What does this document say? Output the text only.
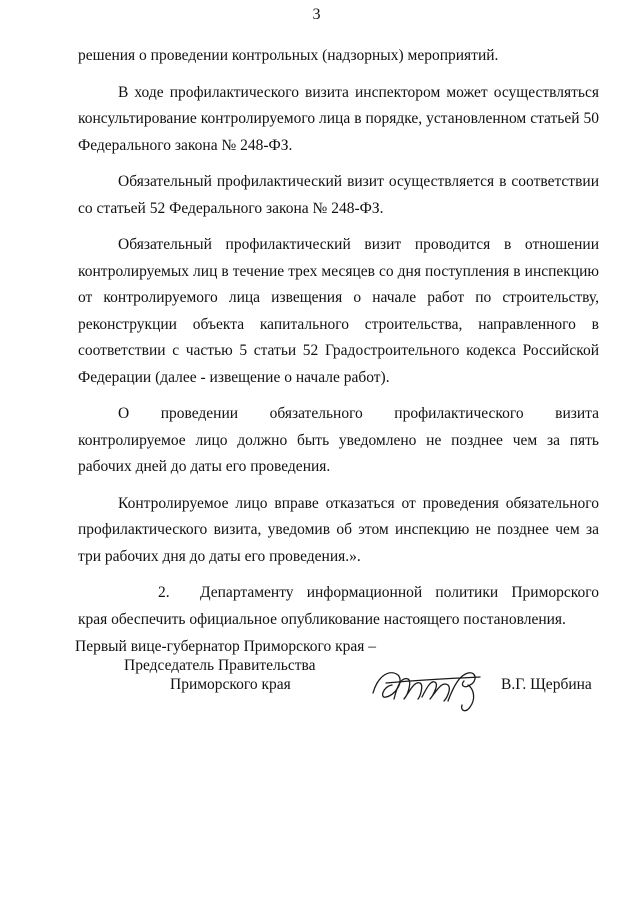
3

решения о проведении контрольных (надзорных) мероприятий.

В ходе профилактического визита инспектором может осуществляться консультирование контролируемого лица в порядке, установленном статьей 50 Федерального закона № 248-ФЗ.

Обязательный профилактический визит осуществляется в соответствии со статьей 52 Федерального закона № 248-ФЗ.

Обязательный профилактический визит проводится в отношении контролируемых лиц в течение трех месяцев со дня поступления в инспекцию от контролируемого лица извещения о начале работ по строительству, реконструкции объекта капитального строительства, направленного в соответствии с частью 5 статьи 52 Градостроительного кодекса Российской Федерации (далее - извещение о начале работ).

О проведении обязательного профилактического визита контролируемое лицо должно быть уведомлено не позднее чем за пять рабочих дней до даты его проведения.

Контролируемое лицо вправе отказаться от проведения обязательного профилактического визита, уведомив об этом инспекцию не позднее чем за три рабочих дня до даты его проведения.».

2. Департаменту информационной политики Приморского края обеспечить официальное опубликование настоящего постановления.

Первый вице-губернатор Приморского края –
Председатель Правительства
Приморского края	В.Г. Щербина
